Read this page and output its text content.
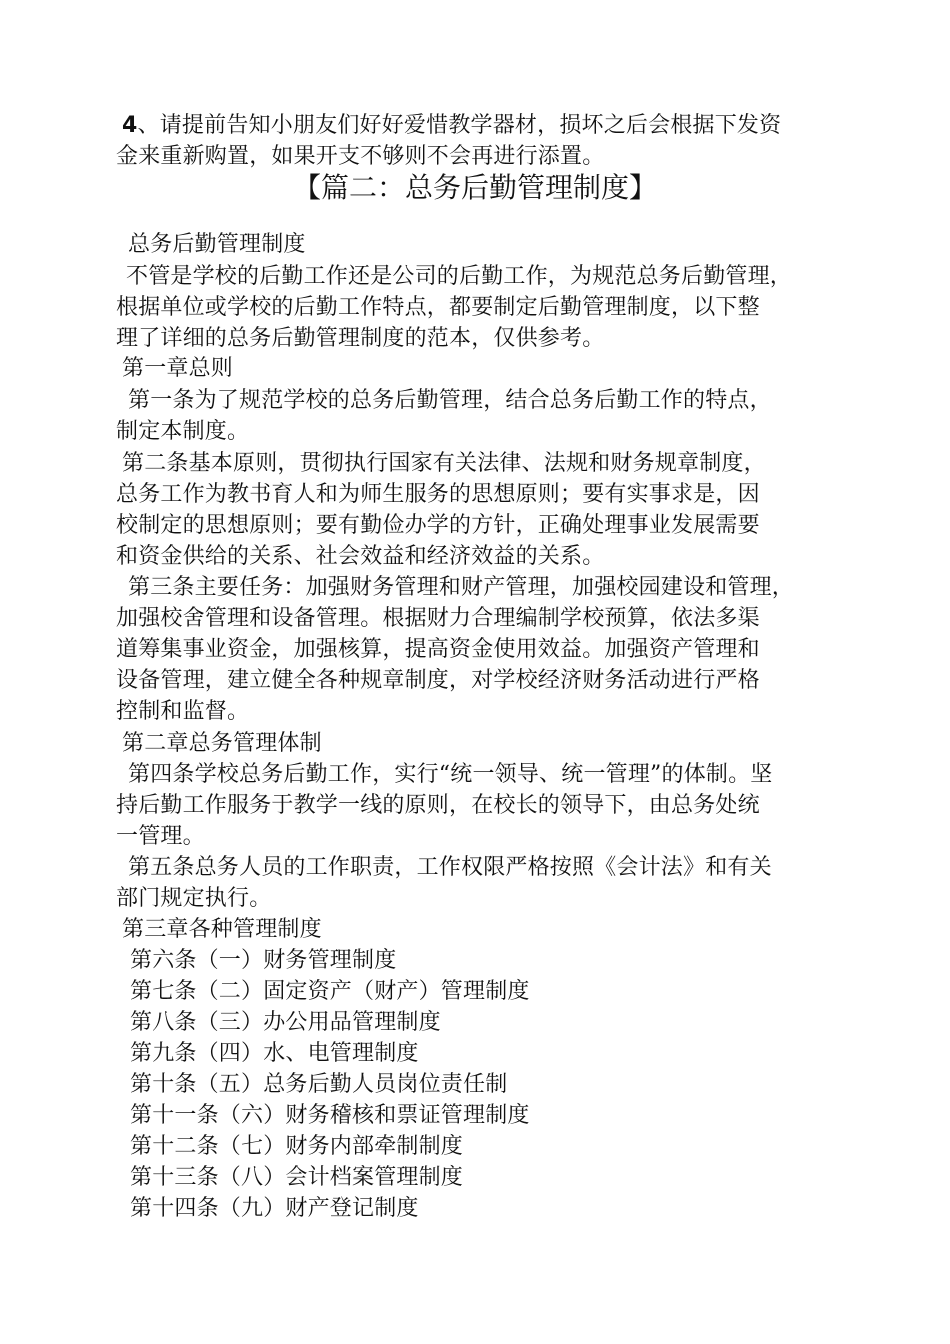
4、请提前告知小朋友们好好爱惜教学器材，损坏之后会根据下发资
金来重新购置，如果开支不够则不会再进行添置。
【篇二：总务后勤管理制度】
总务后勤管理制度
不管是学校的后勤工作还是公司的后勤工作，为规范总务后勤管理，
根据单位或学校的后勤工作特点，都要制定后勤管理制度，以下整
理了详细的总务后勤管理制度的范本，仅供参考。
第一章总则
第一条为了规范学校的总务后勤管理，结合总务后勤工作的特点，
制定本制度。
第二条基本原则，贯彻执行国家有关法律、法规和财务规章制度，
总务工作为教书育人和为师生服务的思想原则；要有实事求是，因
校制定的思想原则；要有勤俭办学的方针，正确处理事业发展需要
和资金供给的关系、社会效益和经济效益的关系。
第三条主要任务：加强财务管理和财产管理，加强校园建设和管理，
加强校舍管理和设备管理。根据财力合理编制学校预算，依法多渠
道筹集事业资金，加强核算，提高资金使用效益。加强资产管理和
设备管理，建立健全各种规章制度，对学校经济财务活动进行严格
控制和监督。
第二章总务管理体制
第四条学校总务后勤工作，实行“统一领导、统一管理”的体制。坚
持后勤工作服务于教学一线的原则，在校长的领导下，由总务处统
一管理。
第五条总务人员的工作职责，工作权限严格按照《会计法》和有关
部门规定执行。
第三章各种管理制度
第六条（一）财务管理制度
第七条（二）固定资产（财产）管理制度
第八条（三）办公用品管理制度
第九条（四）水、电管理制度
第十条（五）总务后勤人员岗位责任制
第十一条（六）财务稽核和票证管理制度
第十二条（七）财务内部牵制制度
第十三条（八）会计档案管理制度
第十四条（九）财产登记制度
